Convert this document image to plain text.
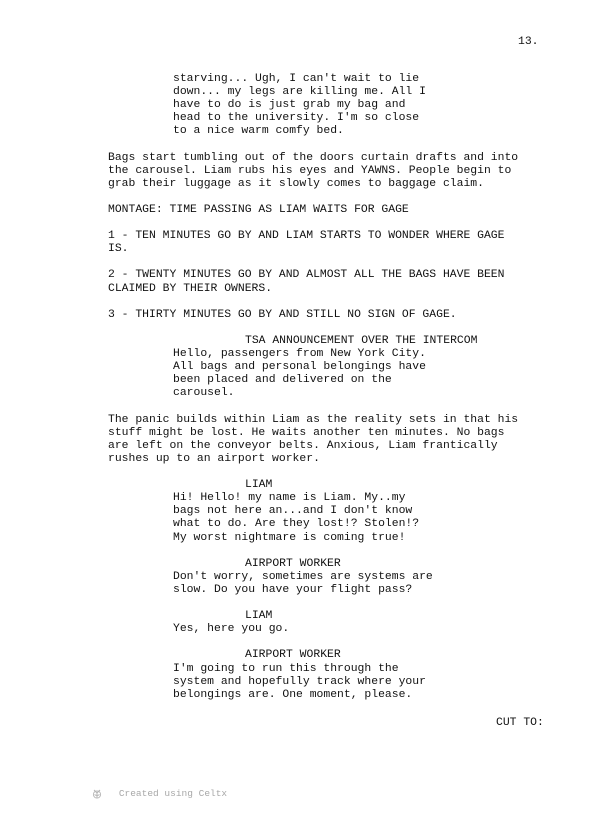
13.
starving... Ugh, I can't wait to lie
down... my legs are killing me. All I
have to do is just grab my bag and
head to the university. I'm so close
to a nice warm comfy bed.
Bags start tumbling out of the doors curtain drafts and into
the carousel. Liam rubs his eyes and YAWNS. People begin to
grab their luggage as it slowly comes to baggage claim.
MONTAGE: TIME PASSING AS LIAM WAITS FOR GAGE
1 - TEN MINUTES GO BY AND LIAM STARTS TO WONDER WHERE GAGE
IS.
2 - TWENTY MINUTES GO BY AND ALMOST ALL THE BAGS HAVE BEEN
CLAIMED BY THEIR OWNERS.
3 - THIRTY MINUTES GO BY AND STILL NO SIGN OF GAGE.
TSA ANNOUNCEMENT OVER THE INTERCOM
Hello, passengers from New York City.
All bags and personal belongings have
been placed and delivered on the
carousel.
The panic builds within Liam as the reality sets in that his
stuff might be lost. He waits another ten minutes. No bags
are left on the conveyor belts. Anxious, Liam frantically
rushes up to an airport worker.
LIAM
Hi! Hello! my name is Liam. My..my
bags not here an...and I don't know
what to do. Are they lost!? Stolen!?
My worst nightmare is coming true!
AIRPORT WORKER
Don't worry, sometimes are systems are
slow. Do you have your flight pass?
LIAM
Yes, here you go.
AIRPORT WORKER
I'm going to run this through the
system and hopefully track where your
belongings are. One moment, please.
CUT TO:

Created using Celtx
